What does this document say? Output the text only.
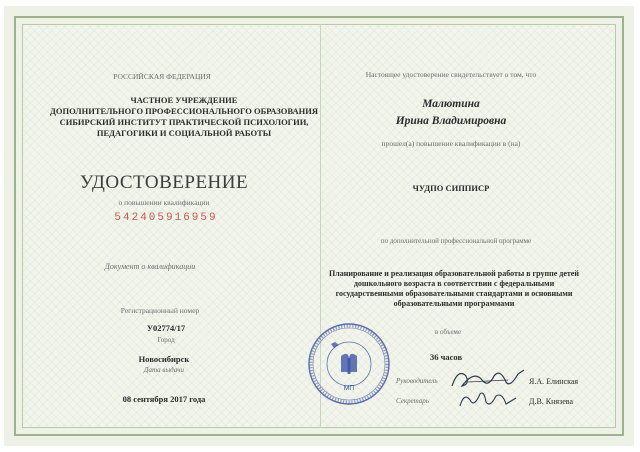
РОССИЙСКАЯ ФЕДЕРАЦИЯ
ЧАСТНОЕ УЧРЕЖДЕНИЕ
ДОПОЛНИТЕЛЬНОГО ПРОФЕССИОНАЛЬНОГО ОБРАЗОВАНИЯ
СИБИРСКИЙ ИНСТИТУТ ПРАКТИЧЕСКОЙ ПСИХОЛОГИИ,
ПЕДАГОГИКИ И СОЦИАЛЬНОЙ РАБОТЫ
УДОСТОВЕРЕНИЕ
о повышении квалификации
542405916959
Документ о квалификации
Регистрационный номер
У02774/17
Город
Новосибирск
Дата выдачи
08 сентября 2017 года
Настоящее удостоверение свидетельствует о том, что
Малютина
Ирина Владимировна
прошел(а) повышение квалификации в (на)
ЧУДПО СИППИСР
по дополнительной профессиональной программе
Планирование и реализация образовательной работы в группе детей
дошкольного возраста в соответствии с федеральными
государственными образовательными стандартами и основными
образовательными программами
в объеме
36 часов
МП
Руководитель	Я.А. Елинская
Секретарь	Д.В. Князева
